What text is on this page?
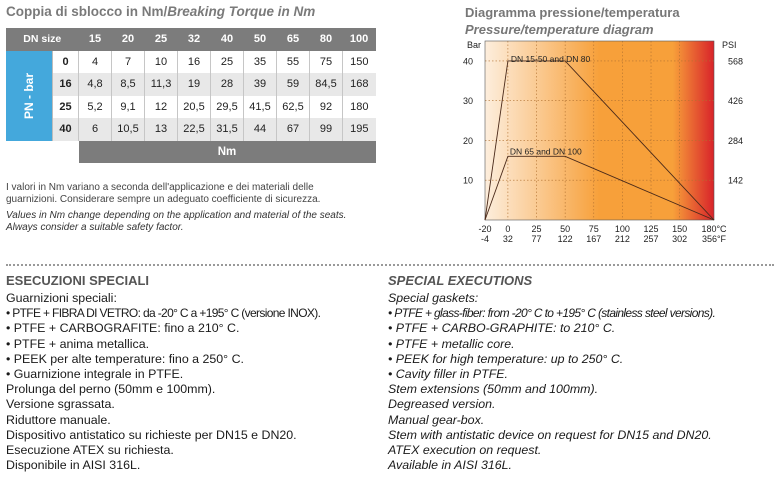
Coppia di sblocco in Nm/Breaking Torque in Nm
DN size		15	20	25	32	40	50	65	80	100
PN - bar	0	4	7	10	16	25	35	55	75	150
	16	4,8	8,5	11,3	19	28	39	59	84,5	168
	25	5,2	9,1	12	20,5	29,5	41,5	62,5	92	180
	40	6	10,5	13	22,5	31,5	44	67	99	195
		Nm								
I valori in Nm variano a seconda dell'applicazione e dei materiali delle guarnizioni. Considerare sempre un adeguato coefficiente di sicurezza.
Values in Nm change depending on the application and material of the seats. Always consider a suitable safety factor.
Diagramma pressione/temperatura
Pressure/temperature diagram
10	142
20	284
30	426
40	568
-20
-4
0
32
25
77
50
122
75
167
100
212
125
257
150
302
180°C
356°F
Bar	PSI
DN 15-50 and DN 80
DN 65 and DN 100
ESECUZIONI SPECIALI	SPECIAL EXECUTIONS
Guarnizioni speciali:
• PTFE + FIBRA DI VETRO: da -20° C a +195° C (versione INOX).
• PTFE + CARBOGRAFITE: fino a 210° C.
• PTFE + anima metallica.
• PEEK per alte temperature: fino a 250° C.
• Guarnizione integrale in PTFE.
Prolunga del perno (50mm e 100mm).
Versione sgrassata.
Riduttore manuale.
Dispositivo antistatico su richieste per DN15 e DN20.
Esecuzione ATEX su richiesta.
Disponibile in AISI 316L.
Special gaskets:
• PTFE + glass-fiber: from -20° C to +195° C (stainless steel versions).
• PTFE + CARBO-GRAPHITE: to 210° C.
• PTFE + metallic core.
• PEEK for high temperature: up to 250° C.
• Cavity filler in PTFE.
Stem extensions (50mm and 100mm).
Degreased version.
Manual gear-box.
Stem with antistatic device on request for DN15 and DN20.
ATEX execution on request.
Available in AISI 316L.
